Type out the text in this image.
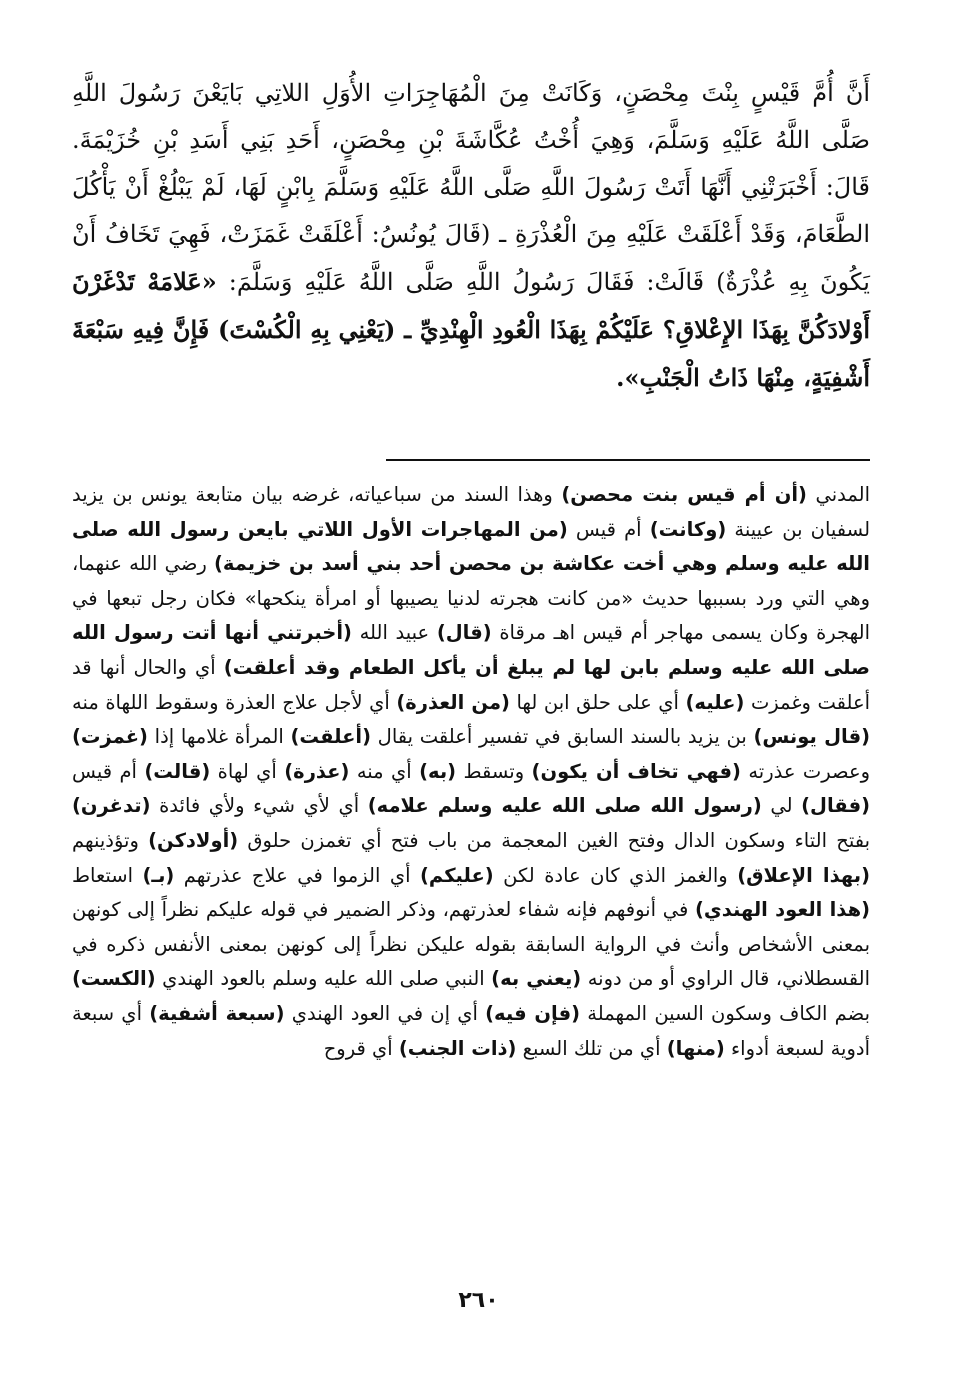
أَنَّ أُمَّ قَيْسٍ بِنْتَ مِحْصَنٍ، وَكَانَتْ مِنَ الْمُهَاجِرَاتِ الأُوَلِ اللاتِي بَايَعْنَ رَسُولَ اللَّهِ صَلَّى اللَّهُ عَلَيْهِ وَسَلَّمَ، وَهِيَ أُخْتُ عُكَّاشَةَ بْنِ مِحْصَنٍ، أَحَدِ بَنِي أَسَدِ بْنِ خُزَيْمَةَ. قَالَ: أَخْبَرَتْنِي أَنَّهَا أَتَتْ رَسُولَ اللَّهِ صَلَّى اللَّهُ عَلَيْهِ وَسَلَّمَ بِابْنٍ لَهَا، لَمْ يَبْلُغْ أَنْ يَأْكُلَ الطَّعَامَ، وَقَدْ أَعْلَقَتْ عَلَيْهِ مِنَ الْعُذْرَةِ ـ (قَالَ يُونُسُ: أَعْلَقَتْ غَمَزَتْ، فَهِيَ تَخَافُ أَنْ يَكُونَ بِهِ عُذْرَةٌ) قَالَتْ: فَقَالَ رَسُولُ اللَّهِ صَلَّى اللَّهُ عَلَيْهِ وَسَلَّمَ: «عَلامَهْ تَدْغَرْنَ أَوْلادَكُنَّ بِهَذَا الإِعْلاقِ؟ عَلَيْكُمْ بِهَذَا الْعُودِ الْهِنْدِيِّ ـ (يَعْنِي بِهِ الْكُسْتَ) فَإِنَّ فِيهِ سَبْعَةَ أَشْفِيَةٍ، مِنْهَا ذَاتُ الْجَنْبِ».
المدني (أن أم قيس بنت محصن) وهذا السند من سباعياته، غرضه بيان متابعة يونس بن يزيد لسفيان بن عيينة (وكانت) أم قيس (من المهاجرات الأول اللاتي بايعن رسول الله صلى الله عليه وسلم وهي أخت عكاشة بن محصن أحد بني أسد بن خزيمة) رضي الله عنهما، وهي التي ورد بسببها حديث «من كانت هجرته لدنيا يصيبها أو امرأة ينكحها» فكان رجل تبعها في الهجرة وكان يسمى مهاجر أم قيس اهـ مرقاة (قال) عبيد الله (أخبرتني أنها أتت رسول الله صلى الله عليه وسلم بابن لها لم يبلغ أن يأكل الطعام وقد أعلقت) أي والحال أنها قد أعلقت وغمزت (عليه) أي على حلق ابن لها (من العذرة) أي لأجل علاج العذرة وسقوط اللهاة منه (قال يونس) بن يزيد بالسند السابق في تفسير أعلقت يقال (أعلقت) المرأة غلامها إذا (غمزت) وعصرت عذرته (فهي تخاف أن يكون) وتسقط (به) أي منه (عذرة) أي لهاة (قالت) أم قيس (فقال) لي (رسول الله صلى الله عليه وسلم علامه) أي لأي شيء ولأي فائدة (تدغرن) بفتح التاء وسكون الدال وفتح الغين المعجمة من باب فتح أي تغمزن حلوق (أولادكن) وتؤذينهم (بهذا الإعلاق) والغمز الذي كان عادة لكن (عليكم) أي الزموا في علاج عذرتهم (بـ) استعاط (هذا العود الهندي) في أنوفهم فإنه شفاء لعذرتهم، وذكر الضمير في قوله عليكم نظراً إلى كونهن بمعنى الأشخاص وأنث في الرواية السابقة بقوله عليكن نظراً إلى كونهن بمعنى الأنفس ذكره في القسطلاني، قال الراوي أو من دونه (يعني به) النبي صلى الله عليه وسلم بالعود الهندي (الكست) بضم الكاف وسكون السين المهملة (فإن فيه) أي إن في العود الهندي (سبعة أشفية) أي سبعة أدوية لسبعة أدواء (منها) أي من تلك السبع (ذات الجنب) أي قروح
٢٦٠
